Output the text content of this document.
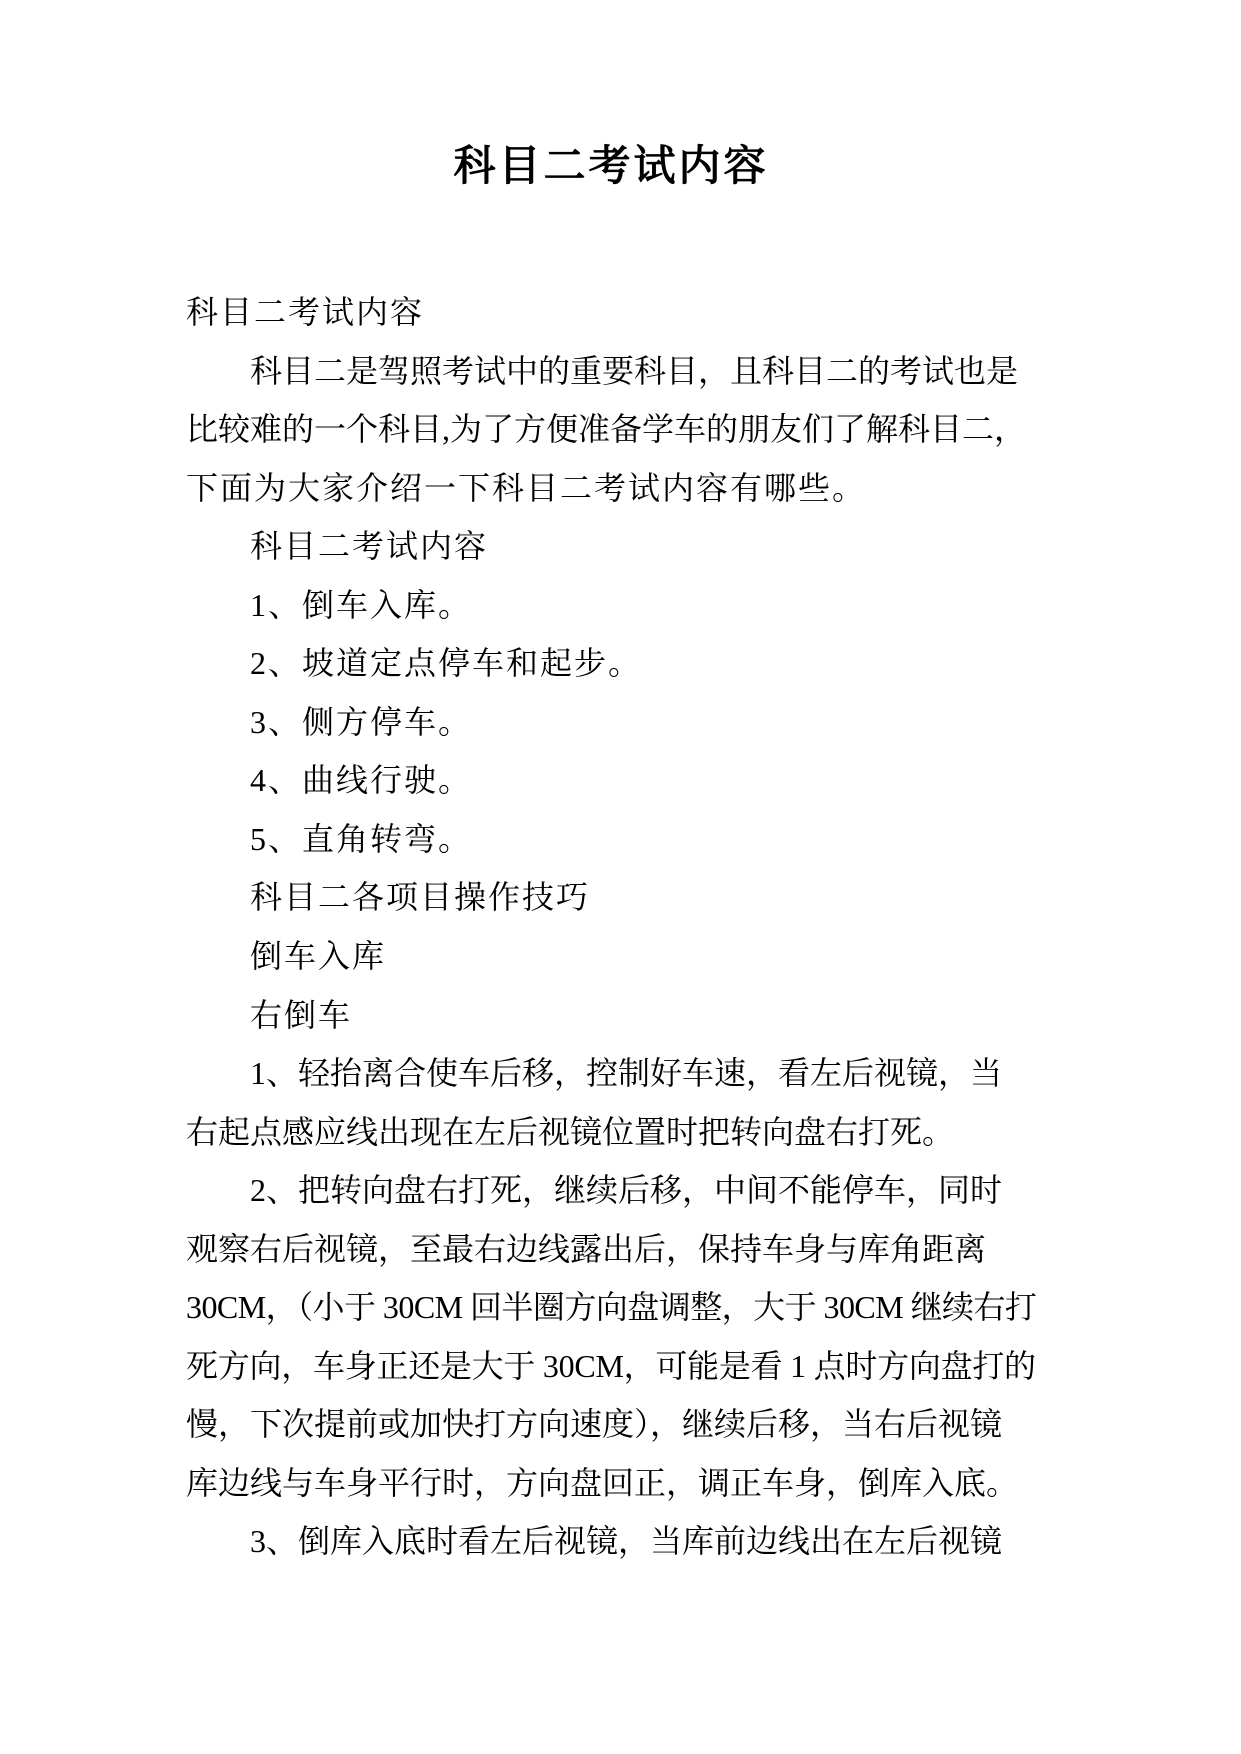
科目二考试内容
科目二考试内容
科目二是驾照考试中的重要科目，且科目二的考试也是
比较难的一个科目,为了方便准备学车的朋友们了解科目二，
下面为大家介绍一下科目二考试内容有哪些。
科目二考试内容
1、倒车入库。
2、坡道定点停车和起步。
3、侧方停车。
4、曲线行驶。
5、直角转弯。
科目二各项目操作技巧
倒车入库
右倒车
1、轻抬离合使车后移，控制好车速，看左后视镜，当
右起点感应线出现在左后视镜位置时把转向盘右打死。
2、把转向盘右打死，继续后移，中间不能停车，同时
观察右后视镜，至最右边线露出后，保持车身与库角距离
30CM，（小于 30CM 回半圈方向盘调整，大于 30CM 继续右打
死方向，车身正还是大于 30CM，可能是看 1 点时方向盘打的
慢，下次提前或加快打方向速度），继续后移，当右后视镜
库边线与车身平行时，方向盘回正，调正车身，倒库入底。
3、倒库入底时看左后视镜，当库前边线出在左后视镜
